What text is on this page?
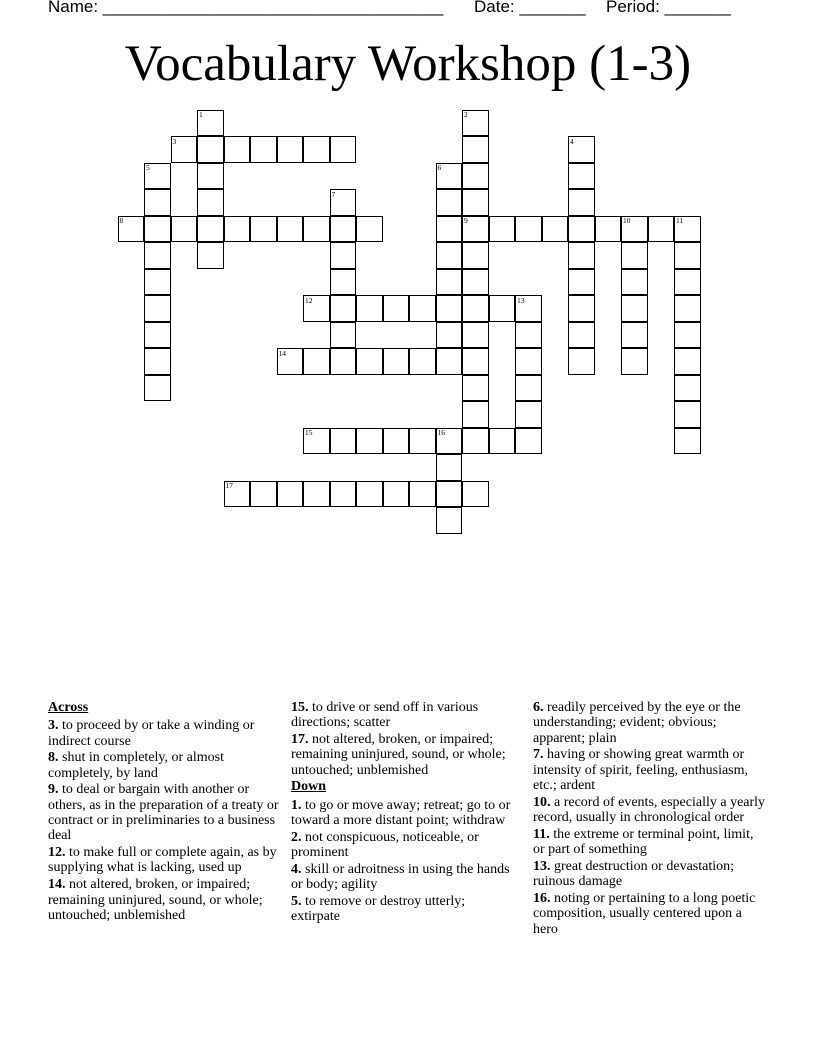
Name: ____________________________________ Date: _______ Period: _______
Vocabulary Workshop (1-3)
1	2
9
3	4
5	6
7
8	10	11
12	13
14
15	16
17
Across
3. to proceed by or take a winding or indirect course
8. shut in completely, or almost completely, by land
9. to deal or bargain with another or others, as in the preparation of a treaty or contract or in preliminaries to a business deal
12. to make full or complete again, as by supplying what is lacking, used up
14. not altered, broken, or impaired; remaining uninjured, sound, or whole; untouched; unblemished
15. to drive or send off in various directions; scatter
17. not altered, broken, or impaired; remaining uninjured, sound, or whole; untouched; unblemished
Down
1. to go or move away; retreat; go to or toward a more distant point; withdraw
2. not conspicuous, noticeable, or prominent
4. skill or adroitness in using the hands or body; agility
5. to remove or destroy utterly; extirpate
6. readily perceived by the eye or the understanding; evident; obvious; apparent; plain
7. having or showing great warmth or intensity of spirit, feeling, enthusiasm, etc.; ardent
10. a record of events, especially a yearly record, usually in chronological order
11. the extreme or terminal point, limit, or part of something
13. great destruction or devastation; ruinous damage
16. noting or pertaining to a long poetic composition, usually centered upon a hero
